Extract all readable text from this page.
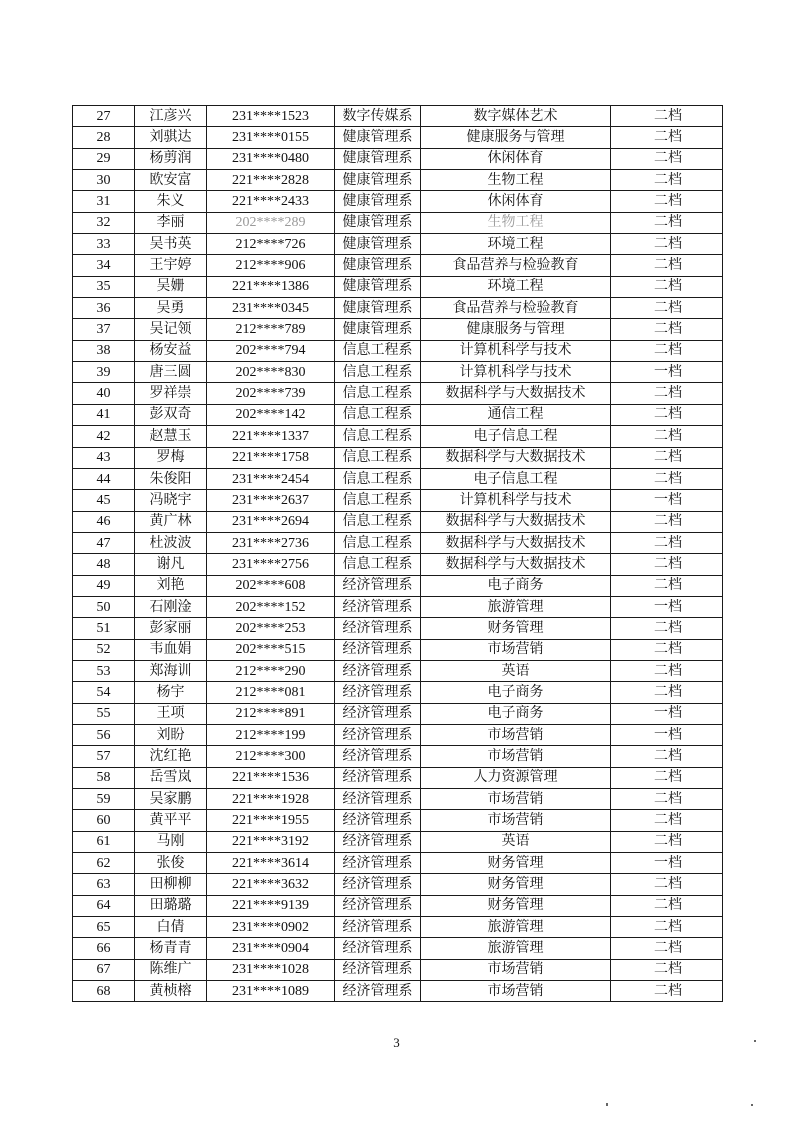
27	江彦兴	231****1523	数字传媒系	数字媒体艺术	二档
28	刘骐达	231****0155	健康管理系	健康服务与管理	二档
29	杨剪润	231****0480	健康管理系	休闲体育	二档
30	欧安富	221****2828	健康管理系	生物工程	二档
31	朱义	221****2433	健康管理系	休闲体育	二档
32	李丽	202****289	健康管理系	生物工程	二档
33	吴书英	212****726	健康管理系	环境工程	二档
34	王宇婷	212****906	健康管理系	食品营养与检验教育	二档
35	吴姗	221****1386	健康管理系	环境工程	二档
36	吴勇	231****0345	健康管理系	食品营养与检验教育	二档
37	吴记领	212****789	健康管理系	健康服务与管理	二档
38	杨安益	202****794	信息工程系	计算机科学与技术	二档
39	唐三圆	202****830	信息工程系	计算机科学与技术	一档
40	罗祥崇	202****739	信息工程系	数据科学与大数据技术	二档
41	彭双奇	202****142	信息工程系	通信工程	二档
42	赵慧玉	221****1337	信息工程系	电子信息工程	二档
43	罗梅	221****1758	信息工程系	数据科学与大数据技术	二档
44	朱俊阳	231****2454	信息工程系	电子信息工程	二档
45	冯晓宇	231****2637	信息工程系	计算机科学与技术	一档
46	黄广林	231****2694	信息工程系	数据科学与大数据技术	二档
47	杜波波	231****2736	信息工程系	数据科学与大数据技术	二档
48	谢凡	231****2756	信息工程系	数据科学与大数据技术	二档
49	刘艳	202****608	经济管理系	电子商务	二档
50	石刚淦	202****152	经济管理系	旅游管理	一档
51	彭家丽	202****253	经济管理系	财务管理	二档
52	韦血娟	202****515	经济管理系	市场营销	二档
53	郑海训	212****290	经济管理系	英语	二档
54	杨宇	212****081	经济管理系	电子商务	二档
55	王项	212****891	经济管理系	电子商务	一档
56	刘盼	212****199	经济管理系	市场营销	一档
57	沈红艳	212****300	经济管理系	市场营销	二档
58	岳雪岚	221****1536	经济管理系	人力资源管理	二档
59	吴家鹏	221****1928	经济管理系	市场营销	二档
60	黄平平	221****1955	经济管理系	市场营销	二档
61	马刚	221****3192	经济管理系	英语	二档
62	张俊	221****3614	经济管理系	财务管理	一档
63	田柳柳	221****3632	经济管理系	财务管理	二档
64	田璐璐	221****9139	经济管理系	财务管理	二档
65	白倩	231****0902	经济管理系	旅游管理	二档
66	杨青青	231****0904	经济管理系	旅游管理	二档
67	陈维广	231****1028	经济管理系	市场营销	二档
68	黄桢榕	231****1089	经济管理系	市场营销	二档
3
